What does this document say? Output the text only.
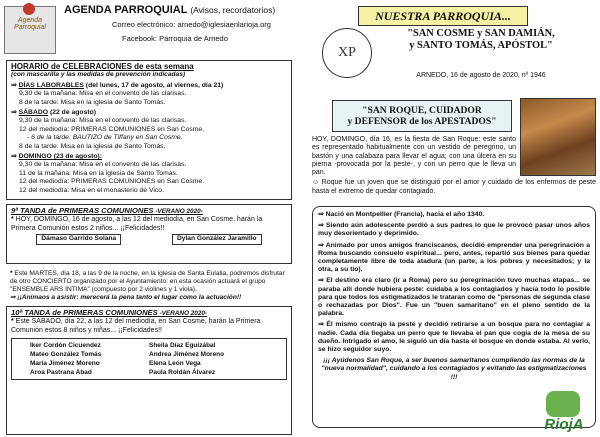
Agenda Parroquial
AGENDA PARROQUIAL (Avisos, recordatorios)
Correo electrónico: arnedo@iglesiaenlarioja.org
Facebook: Parroquia de Arnedo
HORARIO de CELEBRACIONES de esta semana
(con mascarilla y las medidas de prevención indicadas)
⇒ DÍAS LABORABLES (del lunes, 17 de agosto, al viernes, día 21)
9,30 de la mañana: Misa en el convento de las clarisas.
8 de la tarde: Misa en la iglesia de Santo Tomás.
⇒ SÁBADO (22 de agosto)
9,30 de la mañana: Misa en el convento de las clarisas.
12 del mediodía: PRIMERAS COMUNIONES en San Cosme.
- 6 de la tarde: BAUTIZO de Tiffany en San Cosme.
8 de la tarde: Misa en la iglesia de Santo Tomás.
⇒ DOMINGO (23 de agosto):
9,30 de la mañana: Misa en el convento de las clarisas.
11 de la mañana: Misa en la iglesia de Santo Tomás.
12 del mediodía: PRIMERAS COMUNIONES en San Cosme.
12 del mediodía: Misa en el monasterio de Vico.
9ª TANDA de PRIMERAS COMUNIONES -VERANO 2020-
* HOY, DOMINGO, 16 de agosto, a las 12 del mediodía, en San Cosme, harán la Primera Comunión estos 2 niños... ¡¡Felicidades!!
Dámaso Garrido Solana	Dylan González Jaramillo
* Este MARTES, día 18, a las 9 de la noche, en la iglesia de Santa Eulalia, podremos disfrutar de otro CONCIERTO organizado por el Ayuntamiento: en esta ocasión actuará el grupo "ENSEMBLE ARS INTIMA" (compuesto por 2 violines y 1 viola).
⇒ ¡¡Animaos a asistir: merecerá la pena tanto el lugar como la actuación!!
10ª TANDA de PRIMERAS COMUNIONES -VERANO 2020-
* Este SÁBADO, día 22, a las 12 del mediodía, en San Cosme, harán la Primera Comunión estos 8 niños y niñas... ¡¡Felicidades!!
Iker Cordón Cicuendez	Sheila Díaz Eguizábal
Mateo González Tomás	Andrea Jiménez Moreno
María Jiménez Moreno	Elena León Vega
Aroa Pastrana Abad	Paula Roldán Álvarez
NUESTRA PARROQUIA...
XP
"SAN COSME y SAN DAMIÁN,
y SANTO TOMÁS, APÓSTOL"
ARNEDO, 16 de agosto de 2020, nº 1946
"SAN ROQUE, CUIDADOR
y DEFENSOR de los APESTADOS"

HOY, DOMINGO, día 16, es la fiesta de San Roque: este santo es representado habitualmente con un vestido de peregrino, un bastón y una calabaza para llevar el agua; con una úlcera en su pierna -provocada por la peste-, y con un perro que le lleva un pan.

☺ Roque fue un joven que se distinguió por el amor y cuidado de los enfermos de peste hasta el extremo de quedar contagiado.

⇒ Nació en Montpellier (Francia), hacia el año 1340.

⇒ Siendo aún adolescente perdió a sus padres lo que le provocó pasar unos años muy desorientado y deprimido.

⇒ Animado por unos amigos franciscanos, decidió emprender una peregrinación a Roma buscando consuelo espiritual... pero, antes, repartió sus bienes para quedar completamente libre de toda atadura (un parte, a los pobres y necesitados; y la otra, a su tío).

⇒ El destino era claro (ir a Roma) pero su peregrinación tuvo muchas etapas... se paraba allí donde hubiera peste: cuidaba a los contagiados y hacía todo lo posible para que todos los estigmatizados le trataran como de "personas de segunda clase o rechazadas por Dios". Fue un "buen samaritano" en el pleno sentido de la palabra.

⇒ Él mismo contrajo la peste y decidió retirarse a un bosque para no contagiar a nadie. Cada día llegaba un perro que le llevaba el pan que cogía de la mesa de su dueño. Intrigado el amo, le siguió un día hasta el bosque en donde estaba. Al verlo, se hizo seguidor suyo.

¡¡¡ Ayúdenos San Roque, a ser buenos samaritanos cumpliendo las normas de la "nueva normalidad", cuidando a los contagiados y evitando las estigmatizaciones !!!

RiojA
